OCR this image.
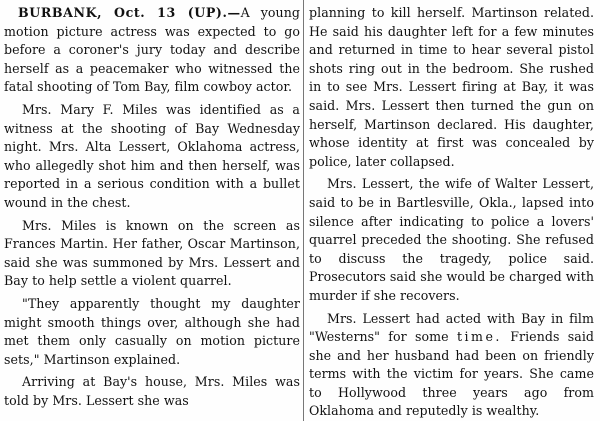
BURBANK, Oct. 13 (UP).—A young motion picture actress was expected to go before a coroner's jury today and describe herself as a peacemaker who witnessed the fatal shooting of Tom Bay, film cowboy actor.

Mrs. Mary F. Miles was identified as a witness at the shooting of Bay Wednesday night. Mrs. Alta Lessert, Oklahoma actress, who allegedly shot him and then herself, was reported in a serious condition with a bullet wound in the chest.

Mrs. Miles is known on the screen as Frances Martin. Her father, Oscar Martinson, said she was summoned by Mrs. Lessert and Bay to help settle a violent quarrel.

"They apparently thought my daughter might smooth things over, although she had met them only casually on motion picture sets," Martinson explained.

Arriving at Bay's house, Mrs. Miles was told by Mrs. Lessert she was

planning to kill herself. Martinson related. He said his daughter left for a few minutes and returned in time to hear several pistol shots ring out in the bedroom. She rushed in to see Mrs. Lessert firing at Bay, it was said. Mrs. Lessert then turned the gun on herself, Martinson declared. His daughter, whose identity at first was concealed by police, later collapsed.

Mrs. Lessert, the wife of Walter Lessert, said to be in Bartlesville, Okla., lapsed into silence after indicating to police a lovers' quarrel preceded the shooting. She refused to discuss the tragedy, police said. Prosecutors said she would be charged with murder if she recovers.

Mrs. Lessert had acted with Bay in film "Westerns" for some time. Friends said she and her husband had been on friendly terms with the victim for years. She came to Hollywood three years ago from Oklahoma and reputedly is wealthy.
